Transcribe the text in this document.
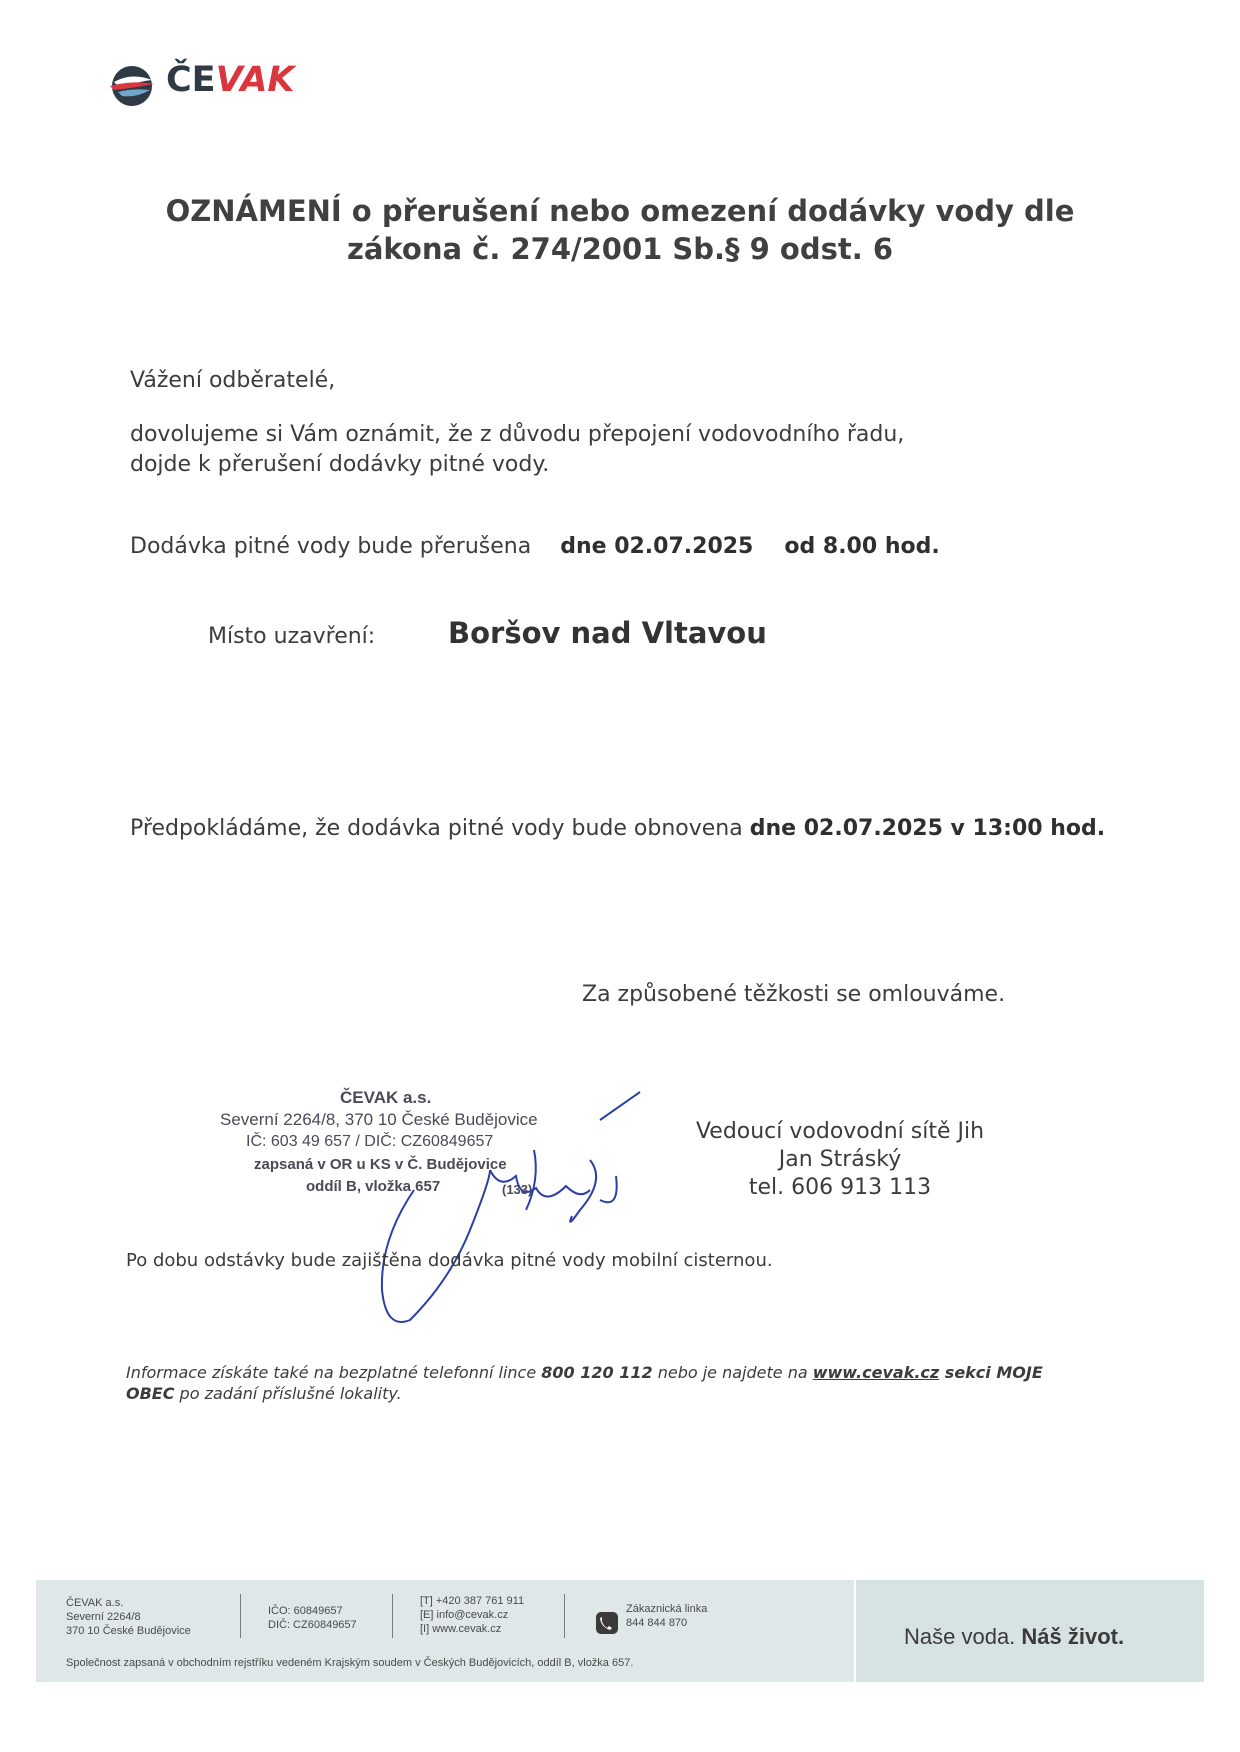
ČEVAK
OZNÁMENÍ o přerušení nebo omezení dodávky vody dle
zákona č. 274/2001 Sb.§ 9 odst. 6
Vážení odběratelé,
dovolujeme si Vám oznámit, že z důvodu přepojení vodovodního řadu,
dojde k přerušení dodávky pitné vody.
Dodávka pitné vody bude přerušena dne 02.07.2025 od 8.00 hod.
Místo uzavření:	Boršov nad Vltavou
Předpokládáme, že dodávka pitné vody bude obnovena dne 02.07.2025 v 13:00 hod.
Za způsobené těžkosti se omlouváme.
ČEVAK a.s.
Severní 2264/8, 370 10 České Budějovice
IČ: 603 49 657 / DIČ: CZ60849657
zapsaná v OR u KS v Č. Budějovice
oddíl B, vložka 657	(133)
Vedoucí vodovodní sítě Jih
Jan Stráský
tel. 606 913 113
Po dobu odstávky bude zajištěna dodávka pitné vody mobilní cisternou.
Informace získáte také na bezplatné telefonní lince 800 120 112 nebo je najdete na www.cevak.cz sekci MOJE OBEC po zadání příslušné lokality.
ČEVAK a.s.
Severní 2264/8
370 10 České Budějovice
IČO: 60849657
DIČ: CZ60849657
[T] +420 387 761 911
[E] info@cevak.cz
[I] www.cevak.cz
Zákaznická linka
844 844 870
Společnost zapsaná v obchodním rejstříku vedeném Krajským soudem v Českých Budějovicích, oddíl B, vložka 657.
Naše voda. Náš život.
